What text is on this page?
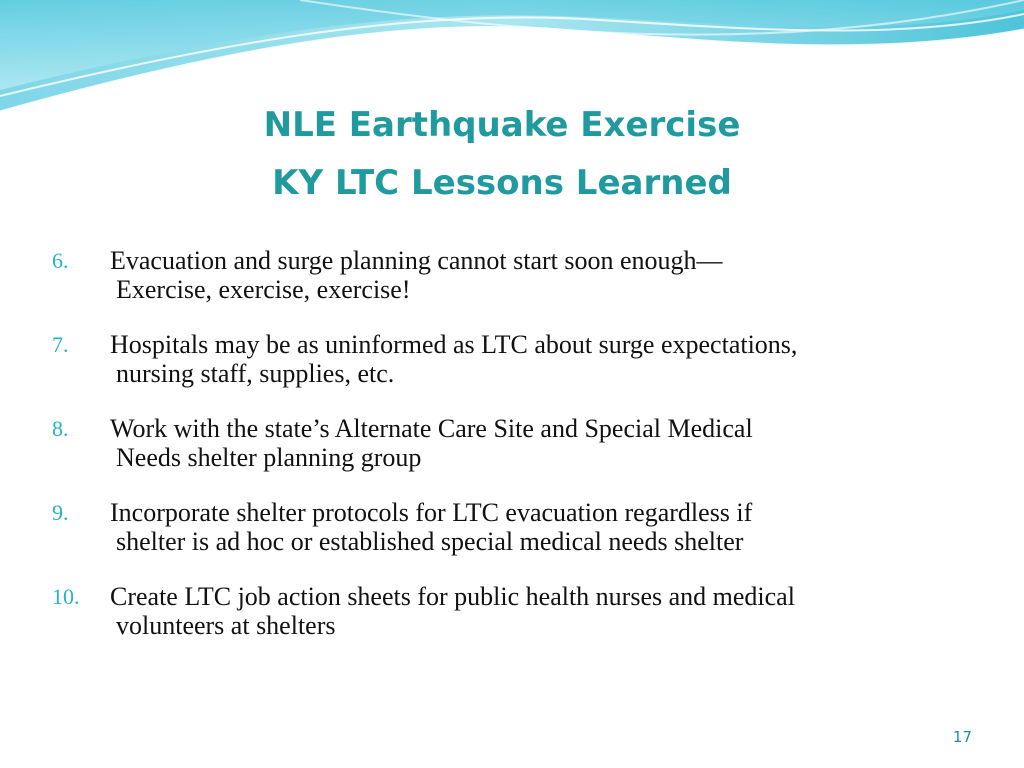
NLE Earthquake Exercise
KY LTC Lessons Learned
6. Evacuation and surge planning cannot start soon enough—
Exercise, exercise, exercise!
7. Hospitals may be as uninformed as LTC about surge expectations,
nursing staff, supplies, etc.
8. Work with the state’s Alternate Care Site and Special Medical
Needs shelter planning group
9. Incorporate shelter protocols for LTC evacuation regardless if
shelter is ad hoc or established special medical needs shelter
10. Create LTC job action sheets for public health nurses and medical
volunteers at shelters
17
